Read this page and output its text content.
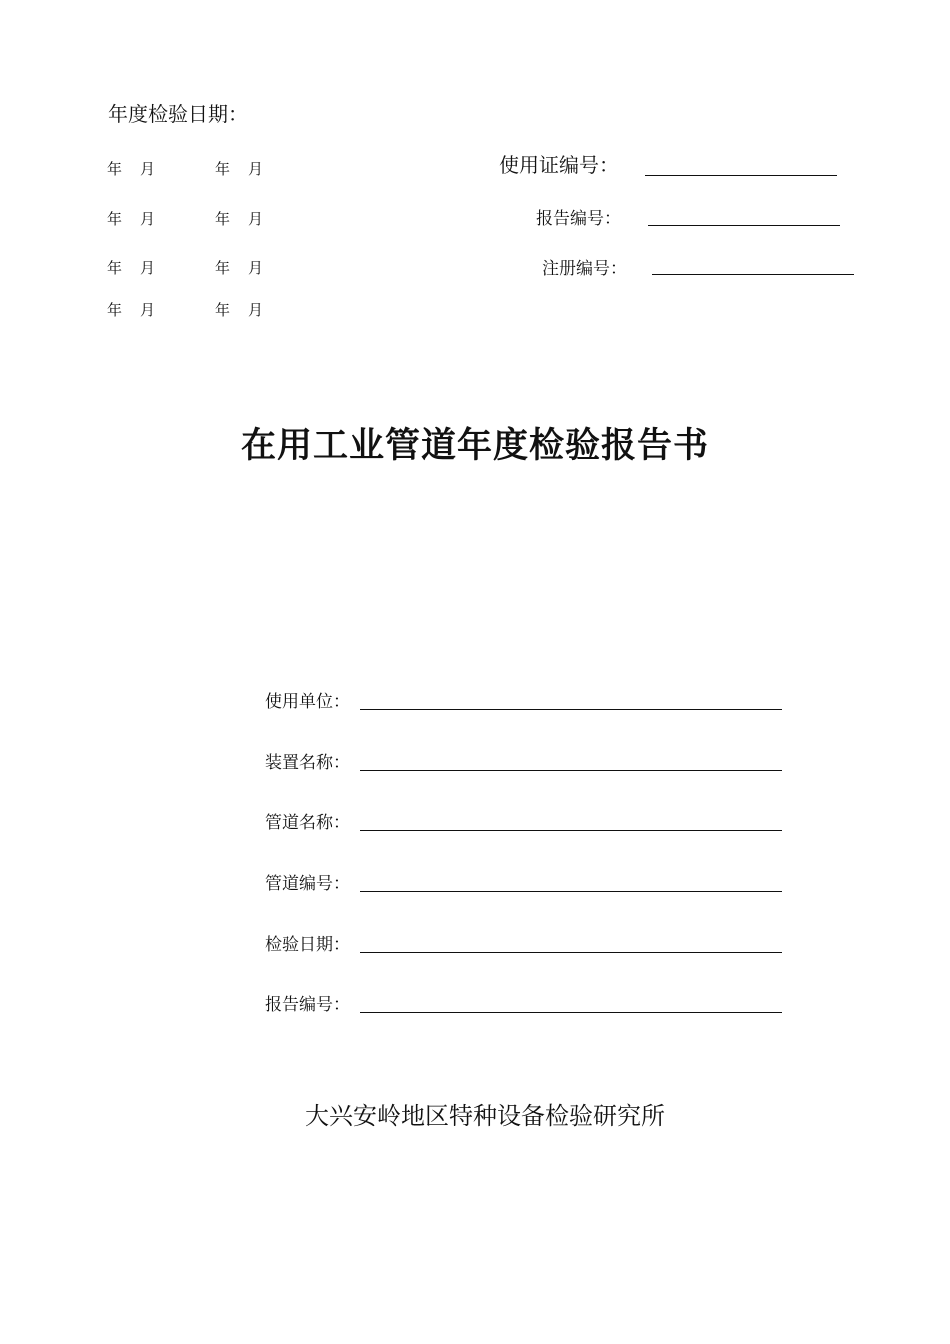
年度检验日期：
年 月	年 月
年 月	年 月
年 月	年 月
年 月	年 月
使用证编号：
报告编号：
注册编号：
在用工业管道年度检验报告书
使用单位：
装置名称：
管道名称：
管道编号：
检验日期：
报告编号：
大兴安岭地区特种设备检验研究所
